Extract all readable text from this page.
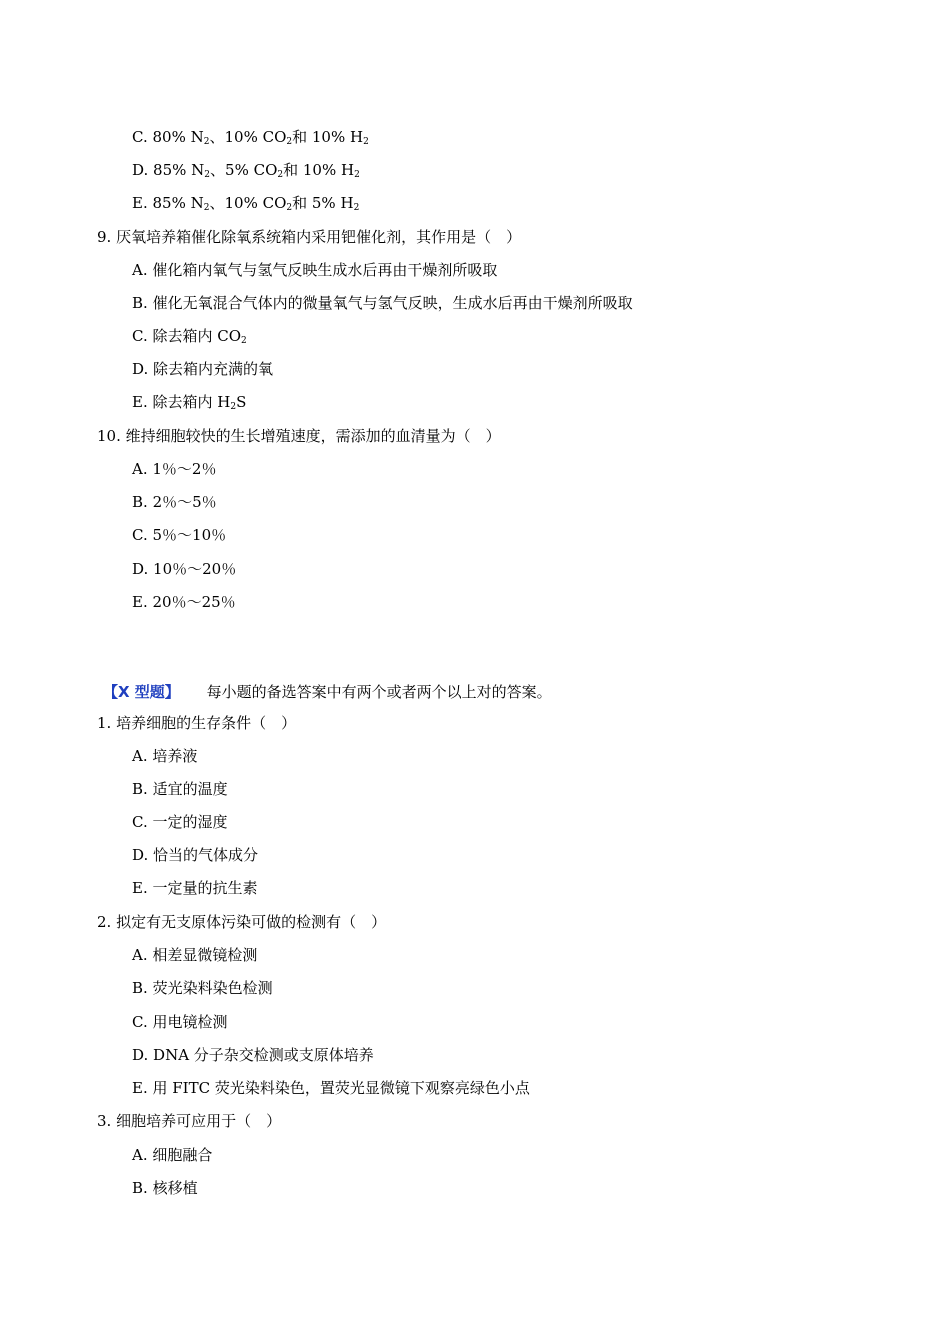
C. 80% $N_2$、10% $CO_2$和 10% $H_2$
D. 85% $N_2$、5% $CO_2$和 10% $H_2$
E. 85% $N_2$、10% $CO_2$和 5% $H_2$
9. 厌氧培养箱催化除氧系统箱内采用钯催化剂，其作用是（　）
A. 催化箱内氧气与氢气反映生成水后再由干燥剂所吸取
B. 催化无氧混合气体内的微量氧气与氢气反映，生成水后再由干燥剂所吸取
C. 除去箱内 $CO_2$
D. 除去箱内充满的氧
E. 除去箱内 $H_2S$
10. 维持细胞较快的生长增殖速度，需添加的血清量为（　）
A. 1％～2％
B. 2％～5％
C. 5％～10％
D. 10％～20％
E. 20％～25％
【X 型题】 每小题的备选答案中有两个或者两个以上对的答案。
1. 培养细胞的生存条件（　）
A. 培养液
B. 适宜的温度
C. 一定的湿度
D. 恰当的气体成分
E. 一定量的抗生素
2. 拟定有无支原体污染可做的检测有（　）
A. 相差显微镜检测
B. 荧光染料染色检测
C. 用电镜检测
D. DNA 分子杂交检测或支原体培养
E. 用 FITC 荧光染料染色，置荧光显微镜下观察亮绿色小点
3. 细胞培养可应用于（　）
A. 细胞融合
B. 核移植
